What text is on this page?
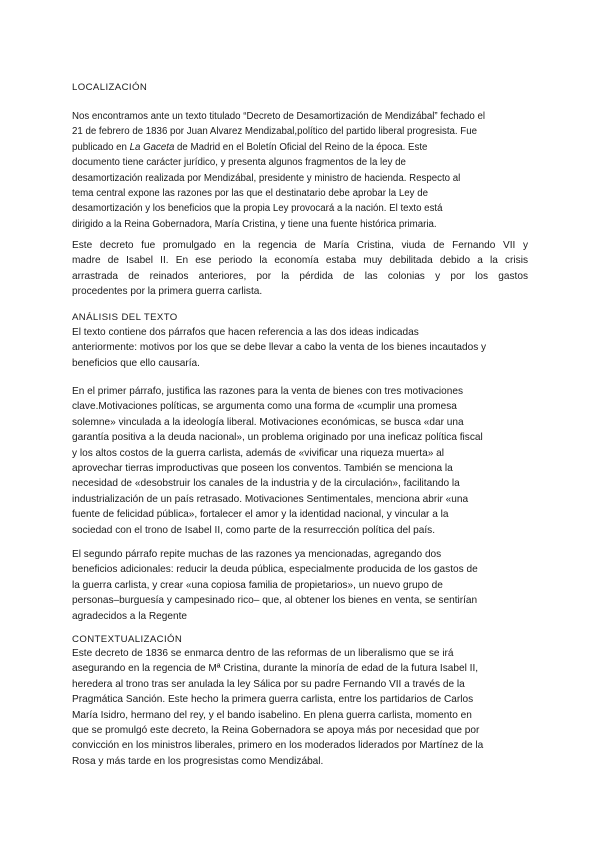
LOCALIZACIÓN
Nos encontramos ante un texto titulado “Decreto de Desamortización de Mendizábal” fechado el
21 de febrero de 1836 por Juan Alvarez Mendizabal,político del partido liberal progresista. Fue
publicado en La Gaceta de Madrid en el Boletín Oficial del Reino de la época. Este
documento tiene carácter jurídico, y presenta algunos fragmentos de la ley de
desamortización realizada por Mendizábal, presidente y ministro de hacienda. Respecto al
tema central expone las razones por las que el destinatario debe aprobar la Ley de
desamortización y los beneficios que la propia Ley provocará a la nación. El texto está
dirigido a la Reina Gobernadora, María Cristina, y tiene una fuente histórica primaria.
Este decreto fue promulgado en la regencia de María Cristina, viuda de Fernando VII y
madre de Isabel II. En ese periodo la economía estaba muy debilitada debido a la crisis
arrastrada de reinados anteriores, por la pérdida de las colonias y por los gastos
procedentes por la primera guerra carlista.
ANÁLISIS DEL TEXTO
El texto contiene dos párrafos que hacen referencia a las dos ideas indicadas
anteriormente: motivos por los que se debe llevar a cabo la venta de los bienes incautados y
beneficios que ello causaría.
En el primer párrafo, justifica las razones para la venta de bienes con tres motivaciones
clave.Motivaciones políticas, se argumenta como una forma de «cumplir una promesa
solemne» vinculada a la ideología liberal. Motivaciones económicas, se busca «dar una
garantía positiva a la deuda nacional», un problema originado por una ineficaz política fiscal
y los altos costos de la guerra carlista, además de «vivificar una riqueza muerta» al
aprovechar tierras improductivas que poseen los conventos. También se menciona la
necesidad de «desobstruir los canales de la industria y de la circulación», facilitando la
industrialización de un país retrasado. Motivaciones Sentimentales, menciona abrir «una
fuente de felicidad pública», fortalecer el amor y la identidad nacional, y vincular a la
sociedad con el trono de Isabel II, como parte de la resurrección política del país.
El segundo párrafo repite muchas de las razones ya mencionadas, agregando dos
beneficios adicionales: reducir la deuda pública, especialmente producida de los gastos de
la guerra carlista, y crear «una copiosa familia de propietarios», un nuevo grupo de
personas–burguesía y campesinado rico– que, al obtener los bienes en venta, se sentirían
agradecidos a la Regente
CONTEXTUALIZACIÓN
Este decreto de 1836 se enmarca dentro de las reformas de un liberalismo que se irá
asegurando en la regencia de Mª Cristina, durante la minoría de edad de la futura Isabel II,
heredera al trono tras ser anulada la ley Sálica por su padre Fernando VII a través de la
Pragmática Sanción. Este hecho la primera guerra carlista, entre los partidarios de Carlos
María Isidro, hermano del rey, y el bando isabelino. En plena guerra carlista, momento en
que se promulgó este decreto, la Reina Gobernadora se apoya más por necesidad que por
convicción en los ministros liberales, primero en los moderados liderados por Martínez de la
Rosa y más tarde en los progresistas como Mendizábal.
